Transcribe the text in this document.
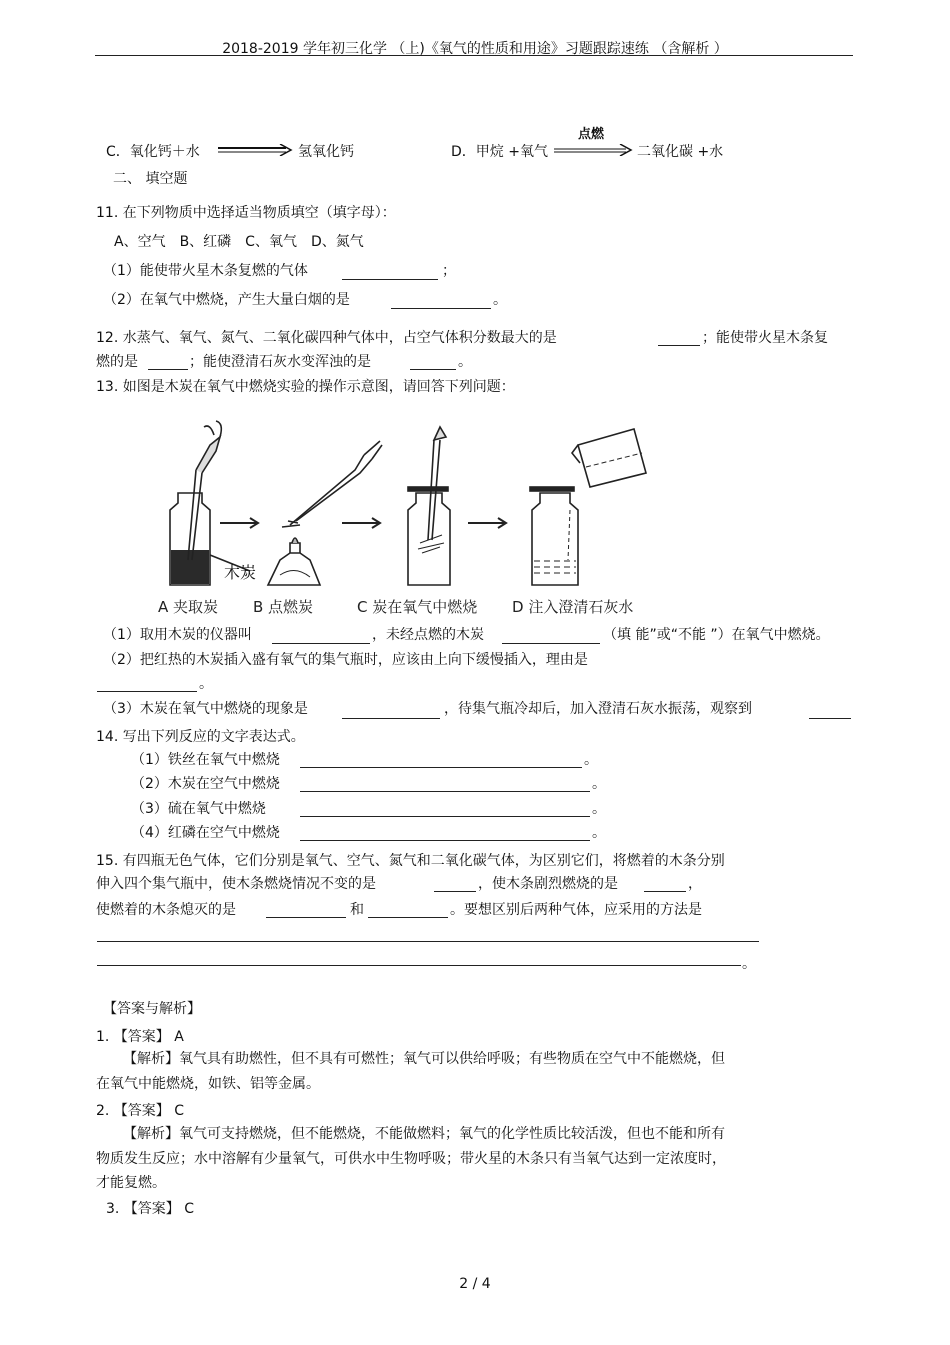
2018-2019 学年初三化学 （上)《氧气的性质和用途》习题跟踪速练 （含解析 ）
C．氧化钙＋水	氢氧化钙	D．甲烷 +氧气
点燃
二氧化碳 +水
二、 填空题
11. 在下列物质中选择适当物质填空（填字母）：
A、空气　B、红磷　C、氧气　D、氮气
（1）能使带火星木条复燃的气体	；
（2）在氧气中燃烧，产生大量白烟的是	。
12. 水蒸气、氧气、氮气、二氧化碳四种气体中，占空气体积分数最大的是	；能使带火星木条复
燃的是	；能使澄清石灰水变浑浊的是	。
13. 如图是木炭在氧气中燃烧实验的操作示意图，请回答下列问题：
木炭
A 夹取炭 B 点燃炭	C 炭在氧气中燃烧 D 注入澄清石灰水
（1）取用木炭的仪器叫	，未经点燃的木炭	（填 能”或“不能 ”）在氧气中燃烧。
（2）把红热的木炭插入盛有氧气的集气瓶时，应该由上向下缓慢插入，理由是
。
（3）木炭在氧气中燃烧的现象是	，待集气瓶冷却后，加入澄清石灰水振荡，观察到
14. 写出下列反应的文字表达式。
（1）铁丝在氧气中燃烧	。
（2）木炭在空气中燃烧	。
（3）硫在氧气中燃烧	。
（4）红磷在空气中燃烧	。
15. 有四瓶无色气体，它们分别是氧气、空气、氮气和二氧化碳气体，为区别它们，将燃着的木条分别
伸入四个集气瓶中，使木条燃烧情况不变的是	，使木条剧烈燃烧的是	，
使燃着的木条熄灭的是	和	。要想区别后两种气体，应采用的方法是
。
【答案与解析】
1. 【答案】 A
【解析】氧气具有助燃性，但不具有可燃性；氧气可以供给呼吸；有些物质在空气中不能燃烧，但
在氧气中能燃烧，如铁、铝等金属。
2. 【答案】 C
【解析】氧气可支持燃烧，但不能燃烧，不能做燃料；氧气的化学性质比较活泼，但也不能和所有
物质发生反应；水中溶解有少量氧气，可供水中生物呼吸；带火星的木条只有当氧气达到一定浓度时，
才能复燃。
3. 【答案】 C
2 / 4
